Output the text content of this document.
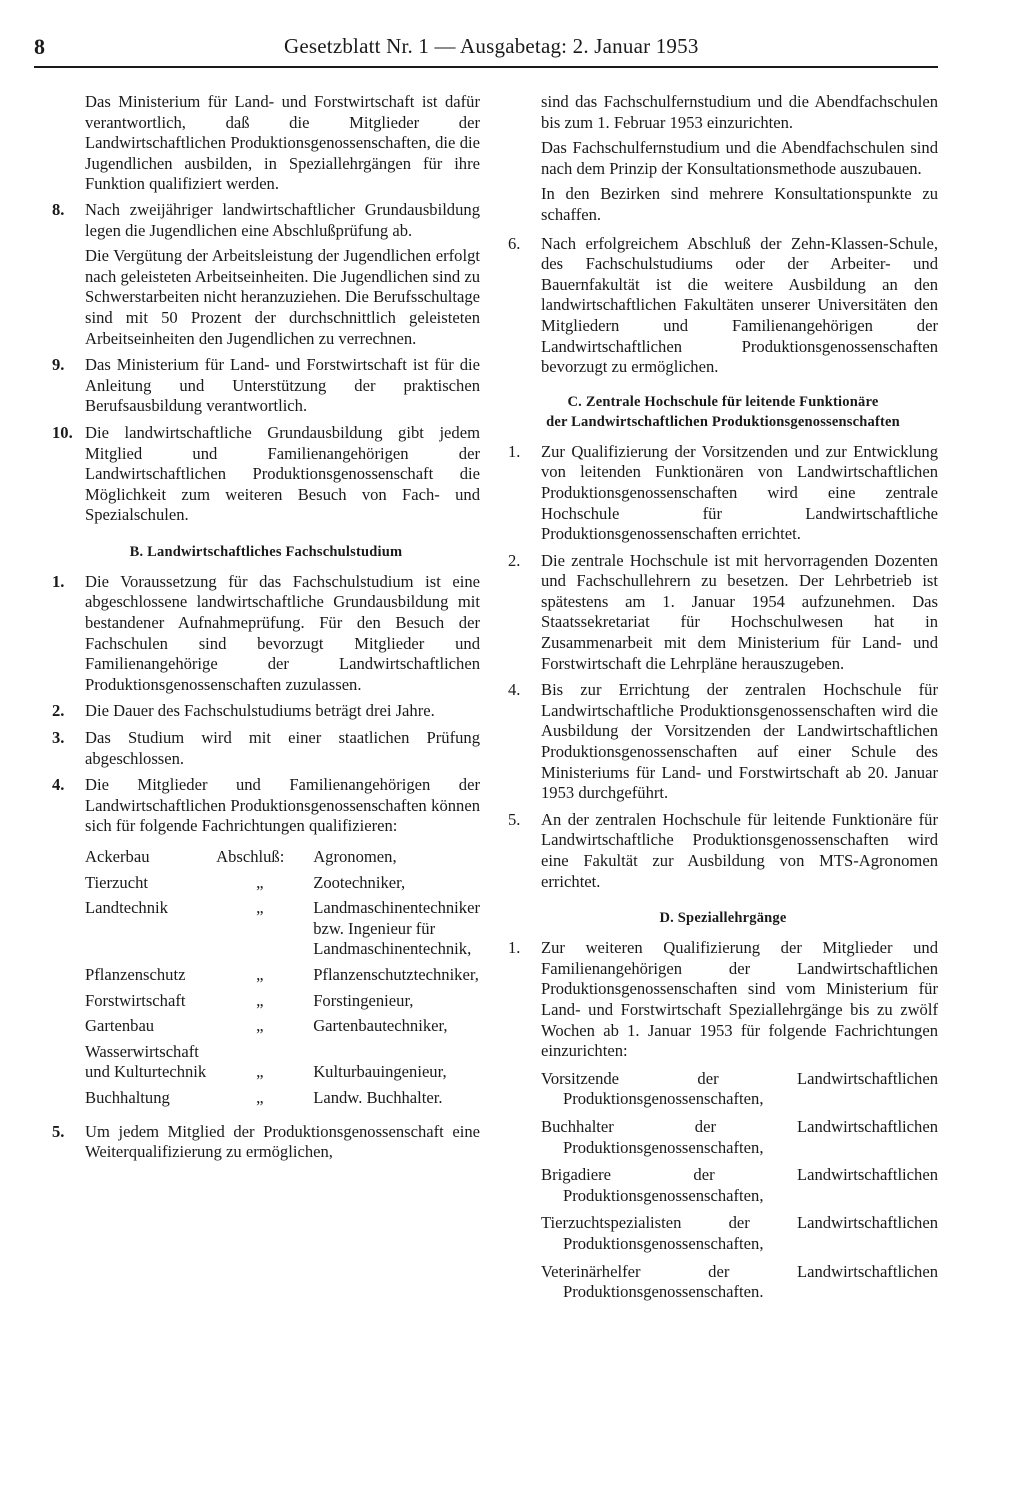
8	Gesetzblatt Nr. 1 — Ausgabetag: 2. Januar 1953

Das Ministerium für Land- und Forstwirtschaft ist dafür verantwortlich, daß die Mitglieder der Landwirtschaftlichen Produktionsgenossenschaften, die die Jugendlichen ausbilden, in Speziallehrgängen für ihre Funktion qualifiziert werden.

8.	Nach zweijähriger landwirtschaftlicher Grundausbildung legen die Jugendlichen eine Abschlußprüfung ab.

Die Vergütung der Arbeitsleistung der Jugendlichen erfolgt nach geleisteten Arbeitseinheiten. Die Jugendlichen sind zu Schwerstarbeiten nicht heranzuziehen. Die Berufsschultage sind mit 50 Prozent der durchschnittlich geleisteten Arbeitseinheiten den Jugendlichen zu verrechnen.

9.	Das Ministerium für Land- und Forstwirtschaft ist für die Anleitung und Unterstützung der praktischen Berufsausbildung verantwortlich.

10. Die landwirtschaftliche Grundausbildung gibt jedem Mitglied und Familienangehörigen der Landwirtschaftlichen Produktionsgenossenschaft die Möglichkeit zum weiteren Besuch von Fach- und Spezialschulen.

B. Landwirtschaftliches Fachschulstudium
1.	Die Voraussetzung für das Fachschulstudium ist eine abgeschlossene landwirtschaftliche Grundausbildung mit bestandener Aufnahmeprüfung. Für den Besuch der Fachschulen sind bevorzugt Mitglieder und Familienangehörige der Landwirtschaftlichen Produktionsgenossenschaften zuzulassen.

2.	Die Dauer des Fachschulstudiums beträgt drei Jahre.

3.	Das Studium wird mit einer staatlichen Prüfung abgeschlossen.

4.	Die Mitglieder und Familienangehörigen der Landwirtschaftlichen Produktionsgenossenschaften können sich für folgende Fachrichtungen qualifizieren:

Ackerbau	Abschluß:	Agronomen,
Tierzucht	„	Zootechniker,
Landtechnik	„	Landmaschinentechniker bzw. Ingenieur für Landmaschinentechnik,
Pflanzenschutz	„	Pflanzenschutztechniker,
Forstwirtschaft	„	Forstingenieur,
Gartenbau	„	Gartenbautechniker,
Wasserwirtschaft und Kulturtechnik	„	Kulturbauingenieur,
Buchhaltung	„	Landw. Buchhalter.
5.	Um jedem Mitglied der Produktionsgenossenschaft eine Weiterqualifizierung zu ermöglichen,

sind das Fachschulfernstudium und die Abendfachschulen bis zum 1. Februar 1953 einzurichten.

Das Fachschulfernstudium und die Abendfachschulen sind nach dem Prinzip der Konsultationsmethode auszubauen.

In den Bezirken sind mehrere Konsultationspunkte zu schaffen.

6.	Nach erfolgreichem Abschluß der Zehn-Klassen-Schule, des Fachschulstudiums oder der Arbeiter- und Bauernfakultät ist die weitere Ausbildung an den landwirtschaftlichen Fakultäten unserer Universitäten den Mitgliedern und Familienangehörigen der Landwirtschaftlichen Produktionsgenossenschaften bevorzugt zu ermöglichen.

C. Zentrale Hochschule für leitende Funktionäre
der Landwirtschaftlichen Produktionsgenossenschaften
1.	Zur Qualifizierung der Vorsitzenden und zur Entwicklung von leitenden Funktionären von Landwirtschaftlichen Produktionsgenossenschaften wird eine zentrale Hochschule für Landwirtschaftliche Produktionsgenossenschaften errichtet.

2.	Die zentrale Hochschule ist mit hervorragenden Dozenten und Fachschullehrern zu besetzen. Der Lehrbetrieb ist spätestens am 1. Januar 1954 aufzunehmen. Das Staatssekretariat für Hochschulwesen hat in Zusammenarbeit mit dem Ministerium für Land- und Forstwirtschaft die Lehrpläne herauszugeben.

4.	Bis zur Errichtung der zentralen Hochschule für Landwirtschaftliche Produktionsgenossenschaften wird die Ausbildung der Vorsitzenden der Landwirtschaftlichen Produktionsgenossenschaften auf einer Schule des Ministeriums für Land- und Forstwirtschaft ab 20. Januar 1953 durchgeführt.

5.	An der zentralen Hochschule für leitende Funktionäre für Landwirtschaftliche Produktionsgenossenschaften wird eine Fakultät zur Ausbildung von MTS-Agronomen errichtet.

D. Speziallehrgänge
1.	Zur weiteren Qualifizierung der Mitglieder und Familienangehörigen der Landwirtschaftlichen Produktionsgenossenschaften sind vom Ministerium für Land- und Forstwirtschaft Speziallehrgänge bis zu zwölf Wochen ab 1. Januar 1953 für folgende Fachrichtungen einzurichten:

Vorsitzende der Landwirtschaftlichen Produktionsgenossenschaften,

Buchhalter der Landwirtschaftlichen Produktionsgenossenschaften,

Brigadiere der Landwirtschaftlichen Produktionsgenossenschaften,

Tierzuchtspezialisten der Landwirtschaftlichen Produktionsgenossenschaften,

Veterinärhelfer der Landwirtschaftlichen Produktionsgenossenschaften.
